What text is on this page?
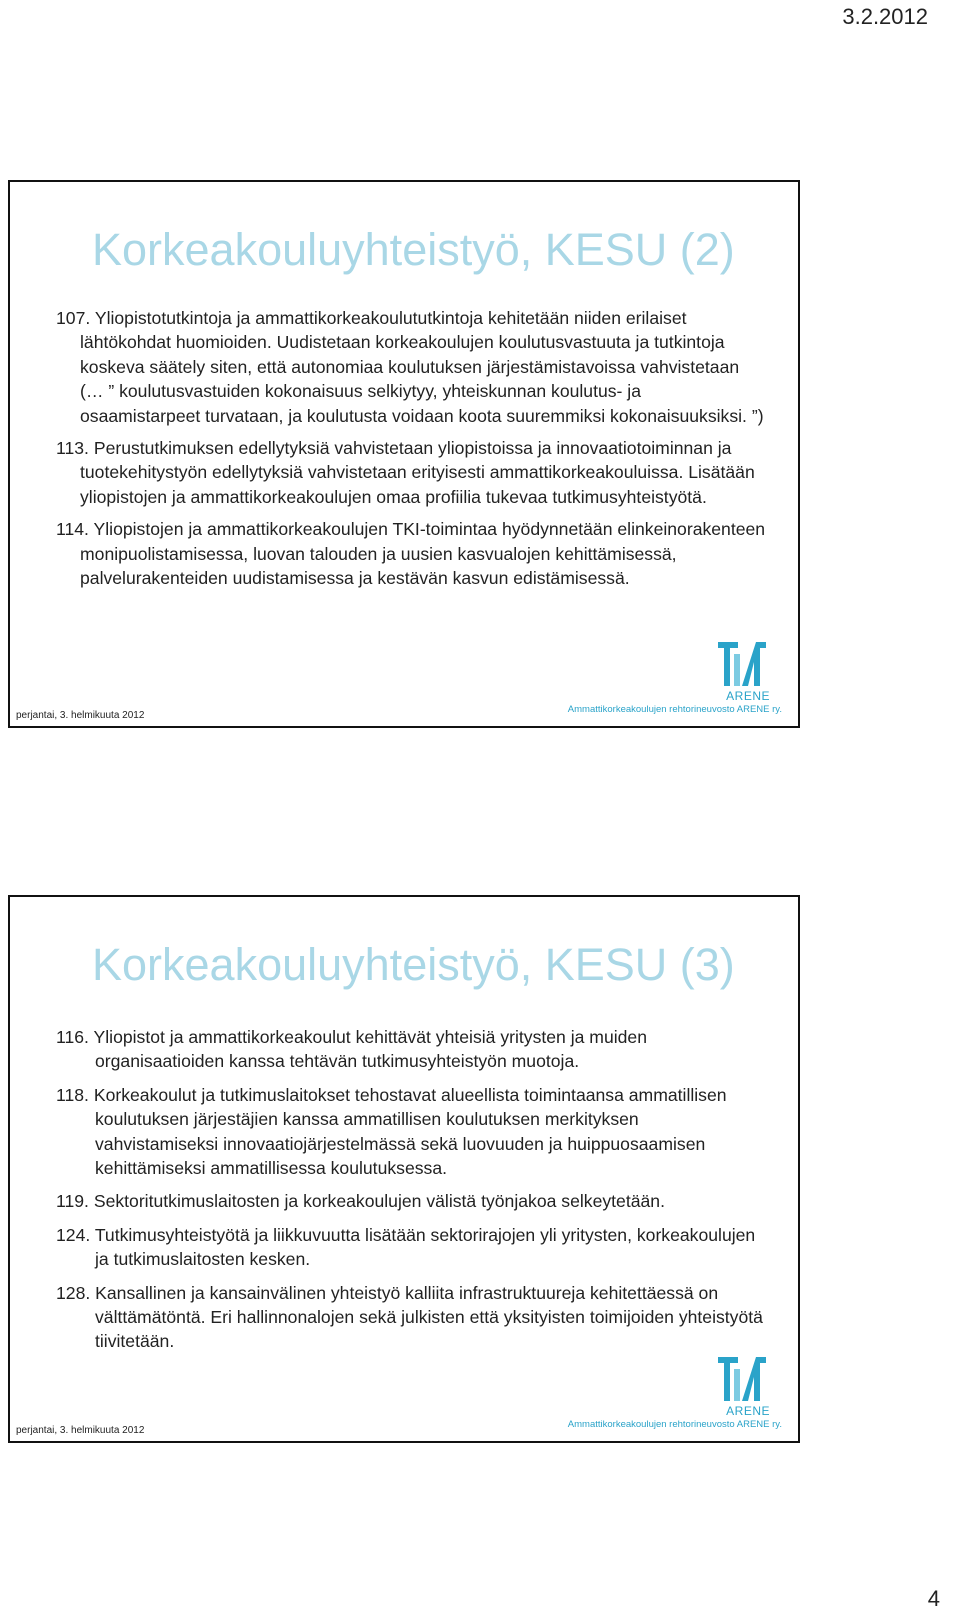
3.2.2012
Korkeakouluyhteistyö, KESU (2)
107. Yliopistotutkintoja ja ammattikorkeakoulututkintoja kehitetään niiden erilaiset lähtökohdat huomioiden. Uudistetaan korkeakoulujen koulutusvastuuta ja tutkintoja koskeva säätely siten, että autonomiaa koulutuksen järjestämistavoissa vahvistetaan (… ” koulutusvastuiden kokonaisuus selkiytyy, yhteiskunnan koulutus- ja osaamistarpeet turvataan, ja koulutusta voidaan koota suuremmiksi kokonaisuuksiksi. ”)
113. Perustutkimuksen edellytyksiä vahvistetaan yliopistoissa ja innovaatiotoiminnan ja tuotekehitystyön edellytyksiä vahvistetaan erityisesti ammattikorkeakouluissa. Lisätään yliopistojen ja ammattikorkeakoulujen omaa profiilia tukevaa tutkimusyhteistyötä.
114. Yliopistojen ja ammattikorkeakoulujen TKI-toimintaa hyödynnetään elinkeinorakenteen monipuolistamisessa, luovan talouden ja uusien kasvualojen kehittämisessä, palvelurakenteiden uudistamisessa ja kestävän kasvun edistämisessä.
perjantai, 3. helmikuuta 2012
ARENE
Ammattikorkeakoulujen rehtorineuvosto ARENE ry.
Korkeakouluyhteistyö, KESU (3)
116. Yliopistot ja ammattikorkeakoulut kehittävät yhteisiä yritysten ja muiden organisaatioiden kanssa tehtävän tutkimusyhteistyön muotoja.
118. Korkeakoulut ja tutkimuslaitokset tehostavat alueellista toimintaansa ammatillisen koulutuksen järjestäjien kanssa ammatillisen koulutuksen merkityksen vahvistamiseksi innovaatiojärjestelmässä sekä luovuuden ja huippuosaamisen kehittämiseksi ammatillisessa koulutuksessa.
119. Sektoritutkimuslaitosten ja korkeakoulujen välistä työnjakoa selkeytetään.
124. Tutkimusyhteistyötä ja liikkuvuutta lisätään sektorirajojen yli yritysten, korkeakoulujen ja tutkimuslaitosten kesken.
128. Kansallinen ja kansainvälinen yhteistyö kalliita infrastruktuureja kehitettäessä on välttämätöntä. Eri hallinnonalojen sekä julkisten että yksityisten toimijoiden yhteistyötä tiivitetään.
perjantai, 3. helmikuuta 2012
ARENE
Ammattikorkeakoulujen rehtorineuvosto ARENE ry.
4
